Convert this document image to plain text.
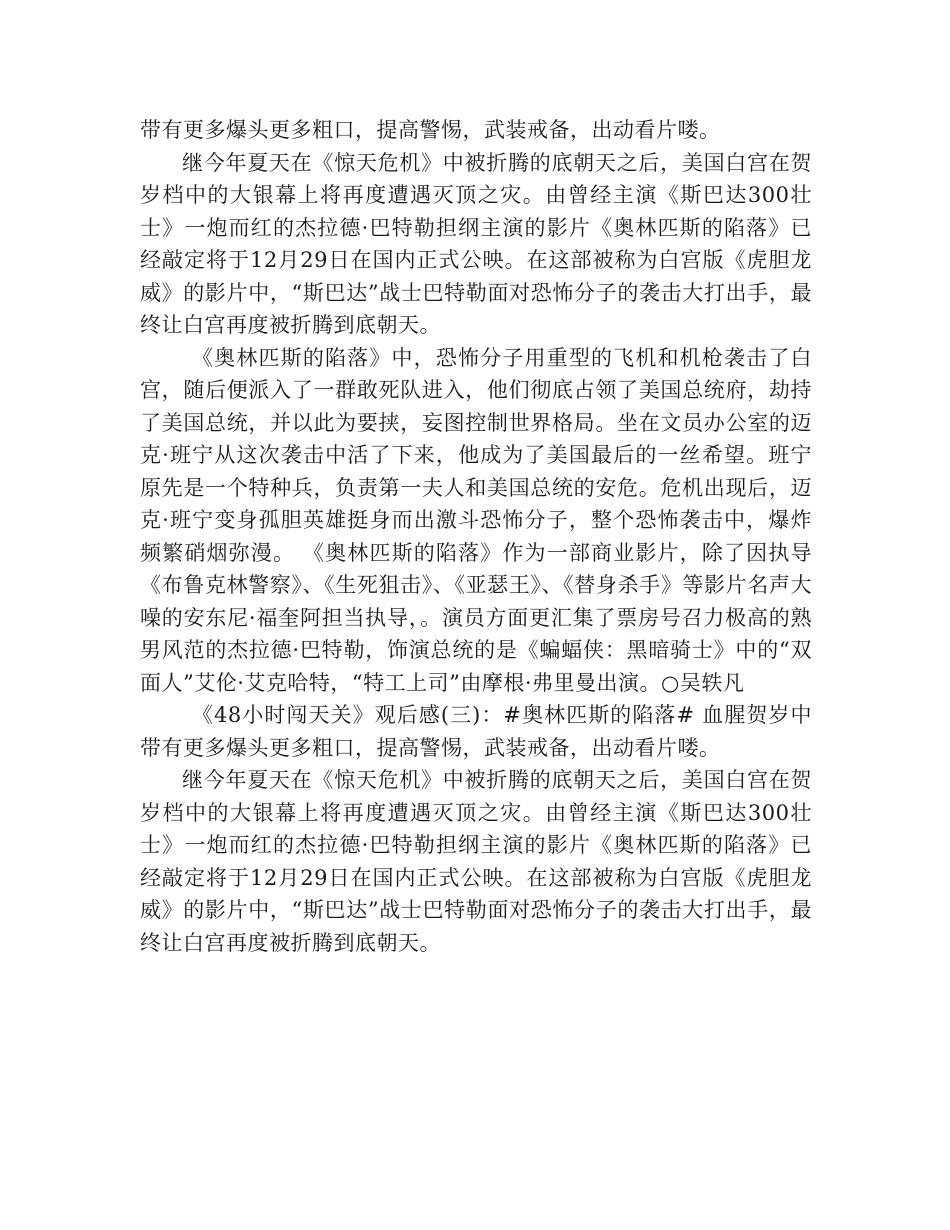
带有更多爆头更多粗口，提高警惕，武装戒备，出动看片喽。

继今年夏天在《惊天危机》中被折腾的底朝天之后，美国白宫在贺岁档中的大银幕上将再度遭遇灭顶之灾。由曾经主演《斯巴达300壮士》一炮而红的杰拉德·巴特勒担纲主演的影片《奥林匹斯的陷落》已经敲定将于12月29日在国内正式公映。在这部被称为白宫版《虎胆龙威》的影片中，“斯巴达”战士巴特勒面对恐怖分子的袭击大打出手，最终让白宫再度被折腾到底朝天。

《奥林匹斯的陷落》中，恐怖分子用重型的飞机和机枪袭击了白宫，随后便派入了一群敢死队进入，他们彻底占领了美国总统府，劫持了美国总统，并以此为要挟，妄图控制世界格局。坐在文员办公室的迈克·班宁从这次袭击中活了下来，他成为了美国最后的一丝希望。班宁原先是一个特种兵，负责第一夫人和美国总统的安危。危机出现后，迈克·班宁变身孤胆英雄挺身而出激斗恐怖分子，整个恐怖袭击中，爆炸频繁硝烟弥漫。 《奥林匹斯的陷落》作为一部商业影片，除了因执导《布鲁克林警察》、《生死狙击》、《亚瑟王》、《替身杀手》等影片名声大噪的安东尼·福奎阿担当执导，。演员方面更汇集了票房号召力极高的熟男风范的杰拉德·巴特勒，饰演总统的是《蝙蝠侠：黑暗骑士》中的“双面人”艾伦·艾克哈特，“特工上司”由摩根·弗里曼出演。○吴轶凡

《48小时闯天关》观后感(三)：#奥林匹斯的陷落# 血腥贺岁中带有更多爆头更多粗口，提高警惕，武装戒备，出动看片喽。

继今年夏天在《惊天危机》中被折腾的底朝天之后，美国白宫在贺岁档中的大银幕上将再度遭遇灭顶之灾。由曾经主演《斯巴达300壮士》一炮而红的杰拉德·巴特勒担纲主演的影片《奥林匹斯的陷落》已经敲定将于12月29日在国内正式公映。在这部被称为白宫版《虎胆龙威》的影片中，“斯巴达”战士巴特勒面对恐怖分子的袭击大打出手，最终让白宫再度被折腾到底朝天。
